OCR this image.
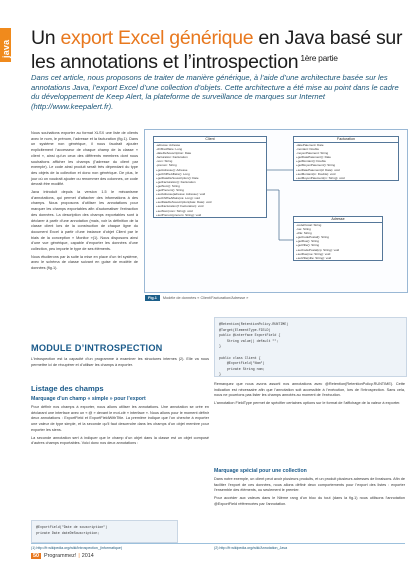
java Un export Excel générique en Java basé sur les annotations et l’introspection $^{1ère partie}$
Dans cet article, nous proposons de traiter de manière générique, à l’aide d’une architecture basée sur les annotations Java, l’export Excel d’une collection d’objets. Cette architecture a été mise au point dans le cadre du développement de Keep Alert, la plateforme de surveillance de marques sur Internet (http://www.keepalert.fr).

Nous souhaitons exporter au format XLSX une liste de clients avec le nom, le prénom, l’adresse et la facturation (fig.1). Dans un système non générique, il nous faudrait ajouter explicitement l’accesseur de chaque champ de la classe « client », ainsi qu’un ceux des différents membres dont nous souhaitons afficher les champs (l’adresse du client par exemple). Le code ainsi produit serait très dépendant du type des objets de la collection et donc non générique. De plus, le jour où on voudrait ajouter ou renommer des colonnes, ce code devrait être modifié.

Java introduit depuis la version 1.5 le mécanisme d’annotations, qui permet d’attacher des informations à des champs. Nous proposons d’utiliser les annotations pour marquer les champs exportables afin d’automatiser l’extraction des données. La description des champs exportables sont à déclarer à partir d’une annotation (mais, voir la définition de la classe client lors de la construction de chaque ligne du document Excel à partir d’une instance d’objet Client par le biais de la conception « Monitor »(1). Nous disposons ainsi d’une vue générique, capable d’exporter les données d’une collection, peu importe le type de ses éléments.

Nous étudierons par la suite la mise en place d’un tel système, avec le schéma de classe suivant en guise de modèle de données (fig.1).

Client
-adresse: Adresse
-chiffreAffaire: Long
-dateDeSouscription: Date
-facturation: Facturation
-nom: String
-prenom: String
+getAdresse(): Adresse
+getChiffreAffaire(): Long
+getDateDeSouscription(): Date
+getFacturation(): Facturation
+getNom(): String
+getPrenom(): String
+setAdresse(adresse: Adresse): void
+setChiffreAffaire(ca: Long): void
+setDateDeSouscription(date: Date): void
+setFacturation(f: Facturation): void
+setNom(nom: String): void
+setPrenom(prenom: String): void
Facturation
-datePaiement: Date
-montant: Double
-moyenPaiement: String
+getDatePaiement(): Date
+getMontant(): Double
+getMoyenPaiement(): String
+setDatePaiement(d: Date): void
+setMontant(m: Double): void
+setMoyenPaiement(m: String): void
Adresse
-codePostal: String
-rue: String
-ville: String
+getCodePostal(): String
+getRue(): String
+getVille(): String
+setCodePostal(cp: String): void
+setRue(rue: String): void
+setVille(ville: String): void
Fig.1 Modèle de données « Client/Facturation/Adresse »
@Retention(RetentionPolicy.RUNTIME)
@Target(ElementType.FIELD)
public @interface ExportField {
String value() default "";
}

public class Client {
@ExportField("Nom")
private String nom;
}
MODULE D’INTROSPECTION
L’introspection est la capacité d’un programme à examiner les structures internes (2). Elle va nous permettre ici de récupérer et d’utiliser les champs à exporter.
Listage des champs
Marquage d’un champ « simple » pour l’export

Pour définir nos champs à exporter, nous allons utiliser les annotations. Une annotation se crée en déclarant une interface avec un « @ » devant le mot-clé « interface ». Nous allons pour le moment définir deux annotations : ExportField et ExportFieldWithTitle. La première indique que l’on cherche à exporter une valeur de type simple, et la seconde qu’il faut descendre dans les champs d’un objet membre pour exporter les siens.

La seconde annotation sert à indiquer que le champ d’un objet dans la classe est un objet composé d’autres champs exportables. Voici donc nos deux annotations :

@ExportField("Date de souscription")
private Date dateDeSouscription;

Remarquez que nous avons assorti nos annotations avec @Retention(RetentionPolicy.RUNTIME). Cette indication est nécessaire afin que l’annotation soit accessible à l’exécution, lors de l’introspection. Sans cela, nous ne pourrions pas lister les champs annotés au moment de l’exécution.

L’annotation FieldType permet de spécifier certaines options sur le format de l’affichage de la valeur à exporter.

Marquage spécial pour une collection

Dans notre exemple, un client peut avoir plusieurs produits, et un produit plusieurs adresses de livraisons. Afin de faciliter l’export de ces données, nous allons définir deux comportements pour l’export des listes : exporter l’ensemble des éléments, ou seulement le premier.

Pour accéder aux valeurs dans le Nième rang d’un bloc du tout (dans la fig.1) nous utilisons l’annotation @ExportField référencées par l’annotation.

(1) http://fr.wikipedia.org/wiki/Introspection_(informatique)	(2) http://fr.wikipedia.org/wiki/Annotation_Java
50 Programmez! | 2014
